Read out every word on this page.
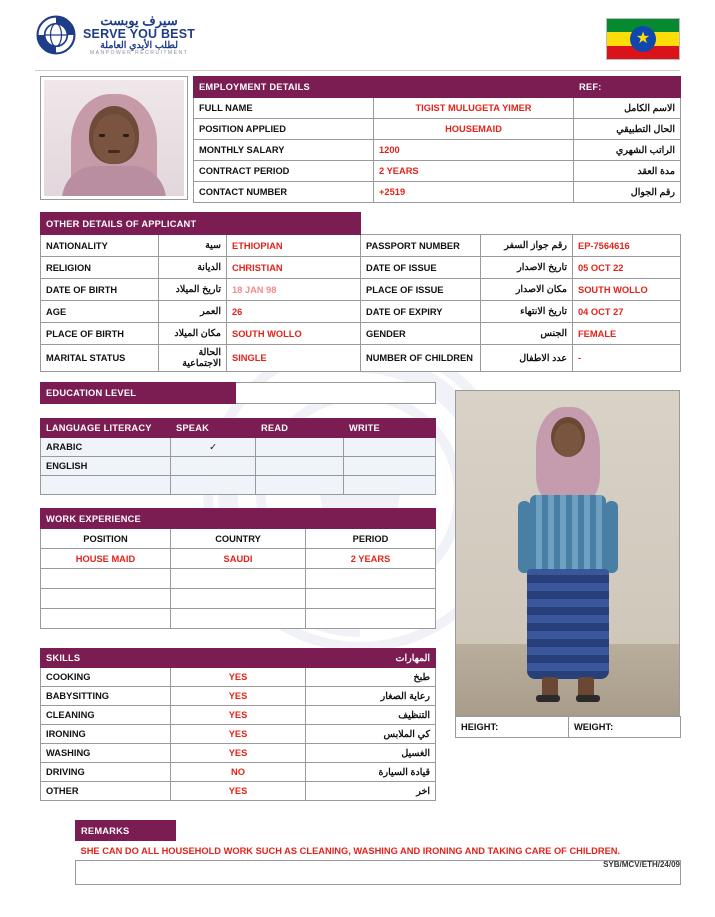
سيرف يوبست
SERVE YOU BEST
لطلب الأيدي العاملة
MANPOWER RECRUITMENT
★
EMPLOYMENT DETAILS		REF:
FULL NAME	TIGIST MULUGETA YIMER	الاسم الكامل
POSITION APPLIED	HOUSEMAID	الحال التطبيقي
MONTHLY SALARY	1200	الراتب الشهري
CONTRACT PERIOD	2 YEARS	مدة العقد
CONTACT NUMBER	+2519	رقم الجوال
OTHER DETAILS OF APPLICANT					
NATIONALITY	سية	ETHIOPIAN	PASSPORT NUMBER	رقم جواز السفر	EP-7564616
RELIGION	الديانة	CHRISTIAN	DATE OF ISSUE	تاريخ الاصدار	05 OCT 22
DATE OF BIRTH	تاريخ الميلاد	18 JAN 98	PLACE OF ISSUE	مكان الاصدار	SOUTH WOLLO
AGE	العمر	26	DATE OF EXPIRY	تاريخ الانتهاء	04 OCT 27
PLACE OF BIRTH	مكان الميلاد	SOUTH WOLLO	GENDER	الجنس	FEMALE
MARITAL STATUS	الحالة الاجتماعية	SINGLE	NUMBER OF CHILDREN	عدد الاطفال	-
EDUCATION LEVEL	
LANGUAGE LITERACY	SPEAK	READ	WRITE
ARABIC	✓		
ENGLISH			

WORK EXPERIENCE		
POSITION	COUNTRY	PERIOD
HOUSE MAID	SAUDI	2 YEARS

SKILLS		المهارات
COOKING	YES	طبخ
BABYSITTING	YES	رعاية الصغار
CLEANING	YES	التنظيف
IRONING	YES	كي الملابس
WASHING	YES	الغسيل
DRIVING	NO	قيادة السيارة
OTHER	YES	اخر
HEIGHT:	WEIGHT:
REMARKS	
SHE CAN DO ALL HOUSEHOLD WORK SUCH AS CLEANING, WASHING AND IRONING AND TAKING CARE OF CHILDREN.

SYB/MCV/ETH/24/09
